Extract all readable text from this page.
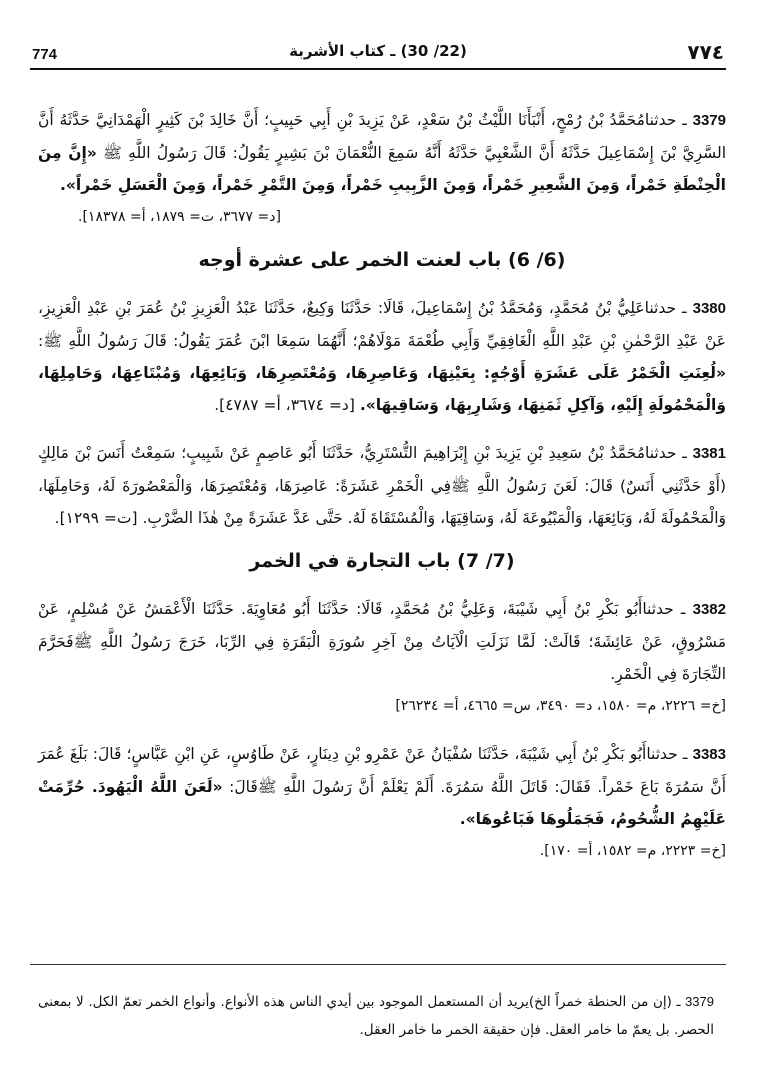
٧٧٤
(22/ 30) ـ كتاب الأشربة
774

3379 ـ حدثنامُحَمَّدُ بْنُ رُمْحٍ، أَنْبَأَنَا اللَّيْثُ بْنُ سَعْدٍ، عَنْ يَزِيدَ بْنِ أَبِي حَبِيبٍ؛ أَنَّ خَالِدَ بْنَ كَثِيرٍ الْهَمْدَانِيَّ حَدَّثَهُ أَنَّ السَّرِيَّ بْنَ إِسْمَاعِيلَ حَدَّثَهُ أَنَّ الشَّعْبِيَّ حَدَّثَهُ أَنَّهُ سَمِعَ النُّعْمَانَ بْنَ بَشِيرٍ يَقُولُ: قَالَ رَسُولُ اللَّهِ ﷺ «إِنَّ مِنَ الْحِنْطَةِ خَمْراً، وَمِنَ الشَّعِيرِ خَمْراً، وَمِنَ الزَّبِيبِ خَمْراً، وَمِنَ التَّمْرِ خَمْراً، وَمِنَ الْعَسَلِ خَمْراً».
[د= ٣٦٧٧، ت= ١٨٧٩، أ= ١٨٣٧٨].

(6/ 6) باب لعنت الخمر على عشرة أوجه

3380 ـ حدثناعَلِيُّ بْنُ مُحَمَّدٍ، وَمُحَمَّدُ بْنُ إِسْمَاعِيلَ، قَالَا: حَدَّثَنَا وَكِيعٌ، حَدَّثَنَا عَبْدُ الْعَزِيزِ بْنُ عُمَرَ بْنِ عَبْدِ الْعَزِيزِ، عَنْ عَبْدِ الرَّحْمٰنِ بْنِ عَبْدِ اللَّهِ الْغَافِقِيِّ وَأَبِي طُعْمَةَ مَوْلَاهُمْ؛ أَنَّهُمَا سَمِعَا ابْنَ عُمَرَ يَقُولُ: قَالَ رَسُولُ اللَّهِ ﷺ: «لُعِنَتِ الْخَمْرُ عَلَى عَشَرَةِ أَوْجُهٍ: بِعَيْنِهَا، وَعَاصِرِهَا، وَمُعْتَصِرِهَا، وَبَائِعِهَا، وَمُبْتَاعِهَا، وَحَامِلِهَا، وَالْمَحْمُولَةِ إِلَيْهِ، وَآكِلِ ثَمَنِهَا، وَشَارِبِهَا، وَسَاقِيهَا». [د= ٣٦٧٤، أ= ٤٧٨٧].

3381 ـ حدثنامُحَمَّدُ بْنُ سَعِيدِ بْنِ يَزِيدَ بْنِ إِبْرَاهِيمَ التُّسْتَرِيُّ، حَدَّثَنَا أَبُو عَاصِمٍ عَنْ شَبِيبٍ؛ سَمِعْتُ أَنَسَ بْنَ مَالِكٍ (أَوْ حَدَّثَنِي أَنَسٌ) قَالَ: لَعَنَ رَسُولُ اللَّهِ ﷺفِي الْخَمْرِ عَشَرَةً: عَاصِرَهَا، وَمُعْتَصِرَهَا، وَالْمَعْصُورَةَ لَهُ، وَحَامِلَهَا، وَالْمَحْمُولَةَ لَهُ، وَبَائِعَهَا، وَالْمَبْيُوعَةَ لَهُ، وَسَاقِيَهَا، وَالْمُسْتَقَاةَ لَهُ. حَتَّى عَدَّ عَشَرَةً مِنْ هٰذَا الضَّرْبِ. [ت= ١٢٩٩].

(7/ 7) باب التجارة في الخمر

3382 ـ حدثناأَبُو بَكْرِ بْنُ أَبِي شَيْبَةَ، وَعَلِيُّ بْنُ مُحَمَّدٍ، قَالَا: حَدَّثَنَا أَبُو مُعَاوِيَةَ. حَدَّثَنَا الْأَعْمَشُ عَنْ مُسْلِمٍ، عَنْ مَسْرُوقٍ، عَنْ عَائِشَةَ؛ قَالَتْ: لَمَّا نَزَلَتِ الْآيَاتُ مِنْ آخِرِ سُورَةِ الْبَقَرَةِ فِي الرِّبَا، خَرَجَ رَسُولُ اللَّهِ ﷺفَحَرَّمَ التِّجَارَةَ فِي الْخَمْرِ.
[خ= ٢٢٢٦، م= ١٥٨٠، د= ٣٤٩٠، س= ٤٦٦٥، أ= ٢٦٢٣٤]

3383 ـ حدثناأَبُو بَكْرِ بْنُ أَبِي شَيْبَةَ، حَدَّثَنَا سُفْيَانُ عَنْ عَمْرِو بْنِ دِينَارٍ، عَنْ طَاوُسٍ، عَنِ ابْنِ عَبَّاسٍ؛ قَالَ: بَلَغَ عُمَرَ أَنَّ سَمُرَةَ بَاعَ خَمْراً. فَقَالَ: قَاتَلَ اللَّهُ سَمُرَةَ. أَلَمْ يَعْلَمْ أَنَّ رَسُولَ اللَّهِ ﷺقَالَ: «لَعَنَ اللَّهُ الْيَهُودَ. حُرِّمَتْ عَلَيْهِمُ الشُّحُومُ، فَجَمَلُوهَا فَبَاعُوهَا».
[خ= ٢٢٢٣، م= ١٥٨٢، أ= ١٧٠].

3379 ـ (إن من الحنطة خمراً الخ)يريد أن المستعمل الموجود بين أيدي الناس هذه الأنواع. وأنواع الخمر تعمّ الكل. لا بمعنى الحصر. بل يعمّ ما خامر العقل. فإن حقيقة الخمر ما خامر العقل.
